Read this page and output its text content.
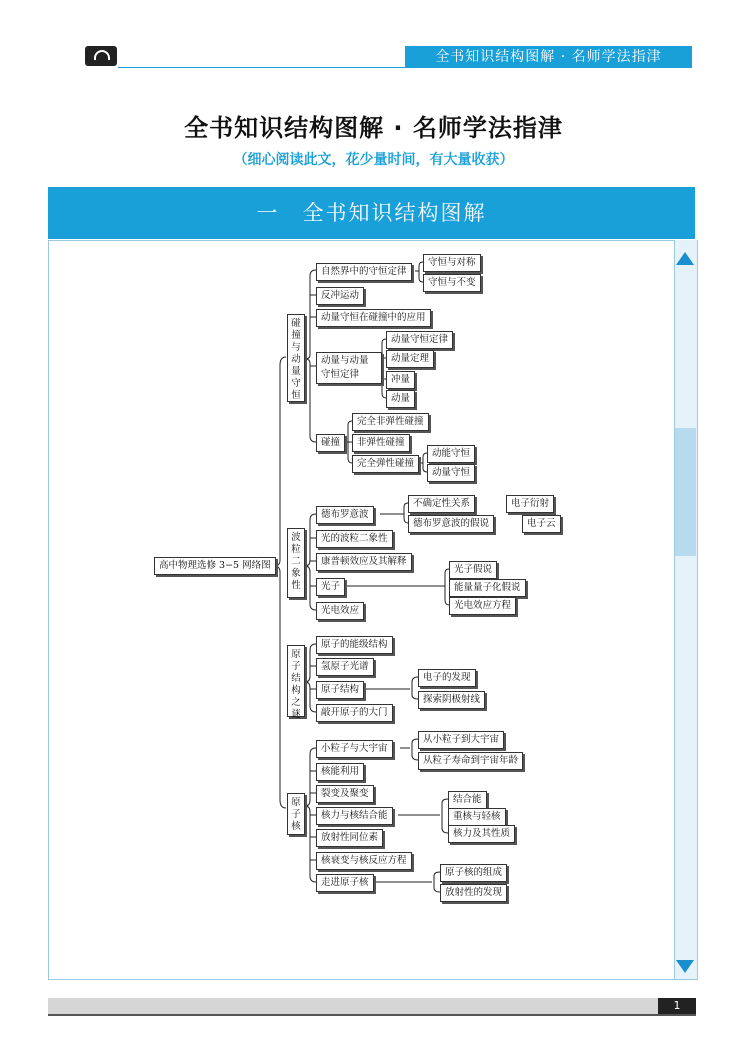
全书知识结构图解 · 名师学法指津
全书知识结构图解 · 名师学法指津
（细心阅读此文，花少量时间，有大量收获）
一　全书知识结构图解
高中物理选修 3−5 网络图
碰撞与动量守恒
自然界中的守恒定律
守恒与对称
守恒与不变
反冲运动
动量守恒在碰撞中的应用
动量与动量守恒定律
动量守恒定律
动量定理
冲量
动量
碰撞
完全非弹性碰撞
非弹性碰撞
完全弹性碰撞
动能守恒
动量守恒
波粒二象性
德布罗意波
不确定性关系	电子衍射
德布罗意波的假说	电子云
光的波粒二象性
康普顿效应及其解释
光子
光子假说
能量量子化假说
光电效应方程
光电效应
原子结构之谜
原子的能级结构
氢原子光谱
原子结构
电子的发现
探索阴极射线
敲开原子的大门
原子核
小粒子与大宇宙
从小粒子到大宇宙
从粒子寿命到宇宙年龄
核能利用
裂变及聚变
核力与核结合能
结合能
重核与轻核
核力及其性质
放射性同位素
核衰变与核反应方程
走进原子核
原子核的组成
放射性的发现
1
